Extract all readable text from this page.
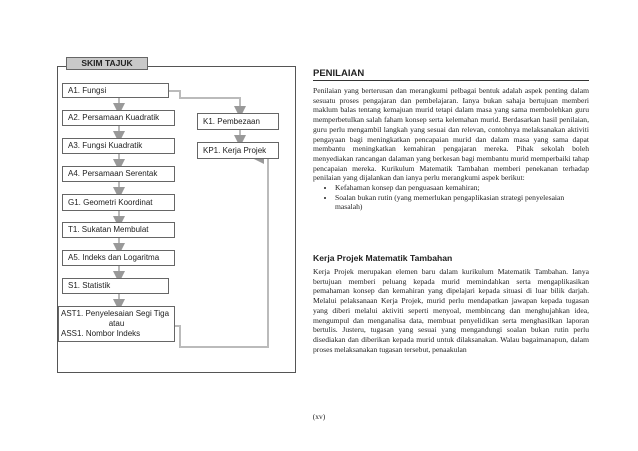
SKIM TAJUK
A1. Fungsi
A2. Persamaan Kuadratik
A3. Fungsi Kuadratik
A4. Persamaan Serentak
G1. Geometri Koordinat
T1. Sukatan Membulat
A5. Indeks dan Logaritma
S1. Statistik
AST1. Penyelesaian Segi Tiga
atau
ASS1. Nombor Indeks
K1. Pembezaan
KP1. Kerja Projek
PENILAIAN

Penilaian yang berterusan dan merangkumi pelbagai bentuk adalah aspek penting dalam sesuatu proses pengajaran dan pembelajaran. Ianya bukan sahaja bertujuan memberi maklum balas tentang kemajuan murid tetapi dalam masa yang sama membolehkan guru memperbetulkan salah faham konsep serta kelemahan murid. Berdasarkan hasil penilaian, guru perlu mengambil langkah yang sesuai dan relevan, contohnya melaksanakan aktiviti pengayaan bagi meningkatkan pencapaian murid dan dalam masa yang sama dapat membantu meningkatkan kemahiran pengajaran mereka. Pihak sekolah boleh menyediakan rancangan dalaman yang berkesan bagi membantu murid memperbaiki tahap pencapaian mereka. Kurikulum Matematik Tambahan memberi penekanan terhadap penilaian yang dijalankan dan ianya perlu merangkumi aspek berikut:

• Kefahaman konsep dan penguasaan kemahiran;
• Soalan bukan rutin (yang memerlukan pengaplikasian strategi penyelesaian masalah)
Kerja Projek Matematik Tambahan

Kerja Projek merupakan elemen baru dalam kurikulum Matematik Tambahan. Ianya bertujuan memberi peluang kepada murid memindahkan serta mengaplikasikan pemahaman konsep dan kemahiran yang dipelajari kepada situasi di luar bilik darjah. Melalui pelaksanaan Kerja Projek, murid perlu mendapatkan jawapan kepada tugasan yang diberi melalui aktiviti seperti menyoal, membincang dan menghujahkan idea, mengumpul dan menganalisa data, membuat penyelidikan serta menghasilkan laporan bertulis. Justeru, tugasan yang sesuai yang mengandungi soalan bukan rutin perlu disediakan dan diberikan kepada murid untuk dilaksanakan. Walau bagaimanapun, dalam proses melaksanakan tugasan tersebut, penaakulan

(xv)
